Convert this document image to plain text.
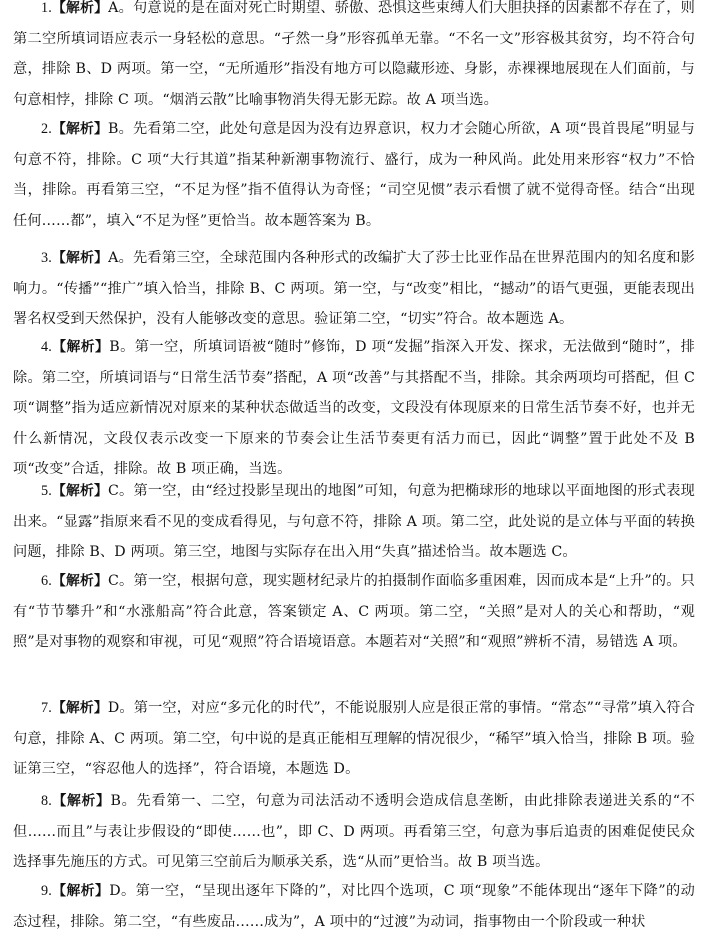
1.【解析】A。句意说的是在面对死亡时期望、骄傲、恐惧这些束缚人们大胆抉择的因素都不存在了，则第二空所填词语应表示一身轻松的意思。“孑然一身”形容孤单无靠。“不名一文”形容极其贫穷，均不符合句意，排除 B、D 两项。第一空，“无所遁形”指没有地方可以隐藏形迹、身影，赤裸裸地展现在人们面前，与句意相悖，排除 C 项。“烟消云散”比喻事物消失得无影无踪。故 A 项当选。

2.【解析】B。先看第二空，此处句意是因为没有边界意识，权力才会随心所欲，A 项“畏首畏尾”明显与句意不符，排除。C 项“大行其道”指某种新潮事物流行、盛行，成为一种风尚。此处用来形容“权力”不恰当，排除。再看第三空，“不足为怪”指不值得认为奇怪；“司空见惯”表示看惯了就不觉得奇怪。结合“出现任何……都”，填入“不足为怪”更恰当。故本题答案为 B。

3.【解析】A。先看第三空，全球范围内各种形式的改编扩大了莎士比亚作品在世界范围内的知名度和影响力。“传播”“推广”填入恰当，排除 B、C 两项。第一空，与“改变”相比，“撼动”的语气更强，更能表现出署名权受到天然保护，没有人能够改变的意思。验证第二空，“切实”符合。故本题选 A。

4.【解析】B。第一空，所填词语被“随时”修饰，D 项“发掘”指深入开发、探求，无法做到“随时”，排除。第二空，所填词语与“日常生活节奏”搭配，A 项“改善”与其搭配不当，排除。其余两项均可搭配，但 C 项“调整”指为适应新情况对原来的某种状态做适当的改变，文段没有体现原来的日常生活节奏不好，也并无什么新情况，文段仅表示改变一下原来的节奏会让生活节奏更有活力而已，因此“调整”置于此处不及 B 项“改变”合适，排除。故 B 项正确，当选。

5.【解析】C。第一空，由“经过投影呈现出的地图”可知，句意为把椭球形的地球以平面地图的形式表现出来。“显露”指原来看不见的变成看得见，与句意不符，排除 A 项。第二空，此处说的是立体与平面的转换问题，排除 B、D 两项。第三空，地图与实际存在出入用“失真”描述恰当。故本题选 C。

6.【解析】C。第一空，根据句意，现实题材纪录片的拍摄制作面临多重困难，因而成本是“上升”的。只有“节节攀升”和“水涨船高”符合此意，答案锁定 A、C 两项。第二空，“关照”是对人的关心和帮助，“观照”是对事物的观察和审视，可见“观照”符合语境语意。本题若对“关照”和“观照”辨析不清，易错选 A 项。

7.【解析】D。第一空，对应“多元化的时代”，不能说服别人应是很正常的事情。“常态”“寻常”填入符合句意，排除 A、C 两项。第二空，句中说的是真正能相互理解的情况很少，“稀罕”填入恰当，排除 B 项。验证第三空，“容忍他人的选择”，符合语境，本题选 D。

8.【解析】B。先看第一、二空，句意为司法活动不透明会造成信息垄断，由此排除表递进关系的“不但……而且”与表让步假设的“即使……也”，即 C、D 两项。再看第三空，句意为事后追责的困难促使民众选择事先施压的方式。可见第三空前后为顺承关系，选“从而”更恰当。故 B 项当选。

9.【解析】D。第一空，“呈现出逐年下降的”，对比四个选项，C 项“现象”不能体现出“逐年下降”的动态过程，排除。第二空，“有些废品……成为”，A 项中的“过渡”为动词，指事物由一个阶段或一种状
